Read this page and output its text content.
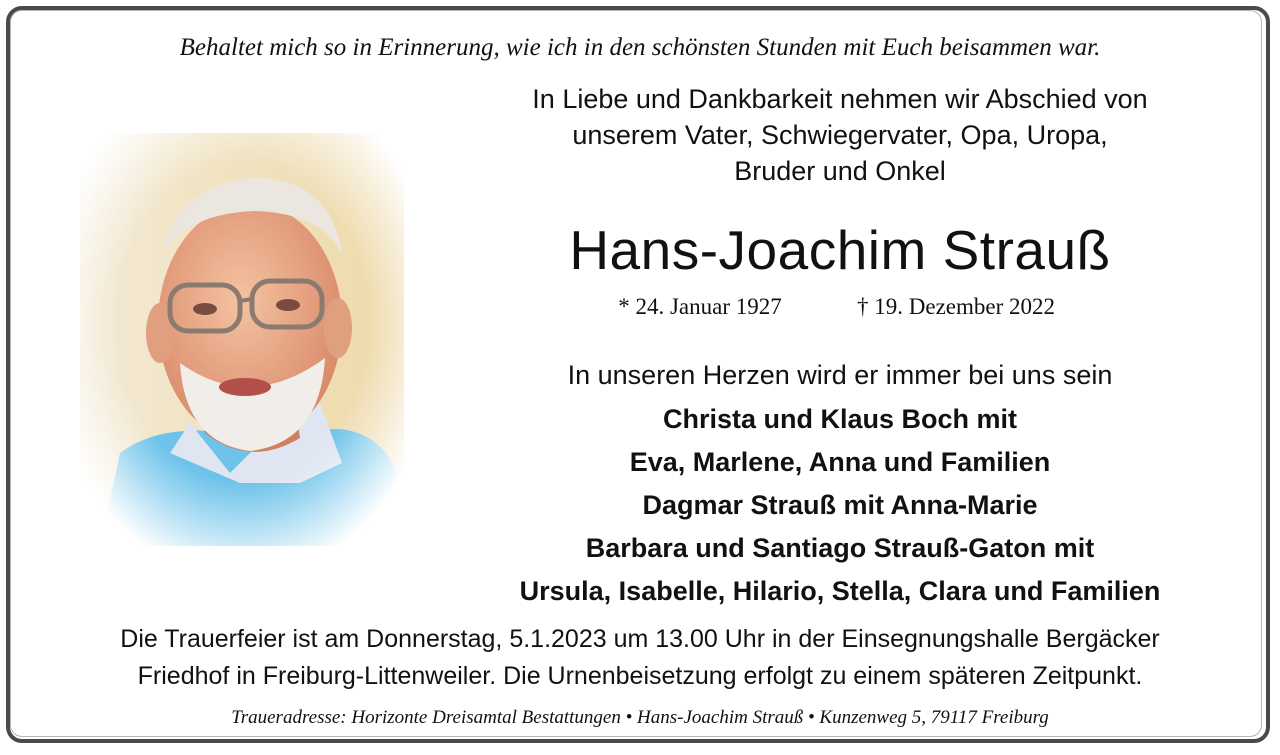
Behaltet mich so in Erinnerung, wie ich in den schönsten Stunden mit Euch beisammen war.
In Liebe und Dankbarkeit nehmen wir Abschied von
unserem Vater, Schwiegervater, Opa, Uropa,
Bruder und Onkel
Hans-Joachim Strauß
* 24. Januar 1927	† 19. Dezember 2022
In unseren Herzen wird er immer bei uns sein
Christa und Klaus Boch mit
Eva, Marlene, Anna und Familien
Dagmar Strauß mit Anna-Marie
Barbara und Santiago Strauß-Gaton mit
Ursula, Isabelle, Hilario, Stella, Clara und Familien
Die Trauerfeier ist am Donnerstag, 5.1.2023 um 13.00 Uhr in der Einsegnungshalle Bergäcker
Friedhof in Freiburg-Littenweiler. Die Urnenbeisetzung erfolgt zu einem späteren Zeitpunkt.
Traueradresse: Horizonte Dreisamtal Bestattungen • Hans-Joachim Strauß • Kunzenweg 5, 79117 Freiburg
